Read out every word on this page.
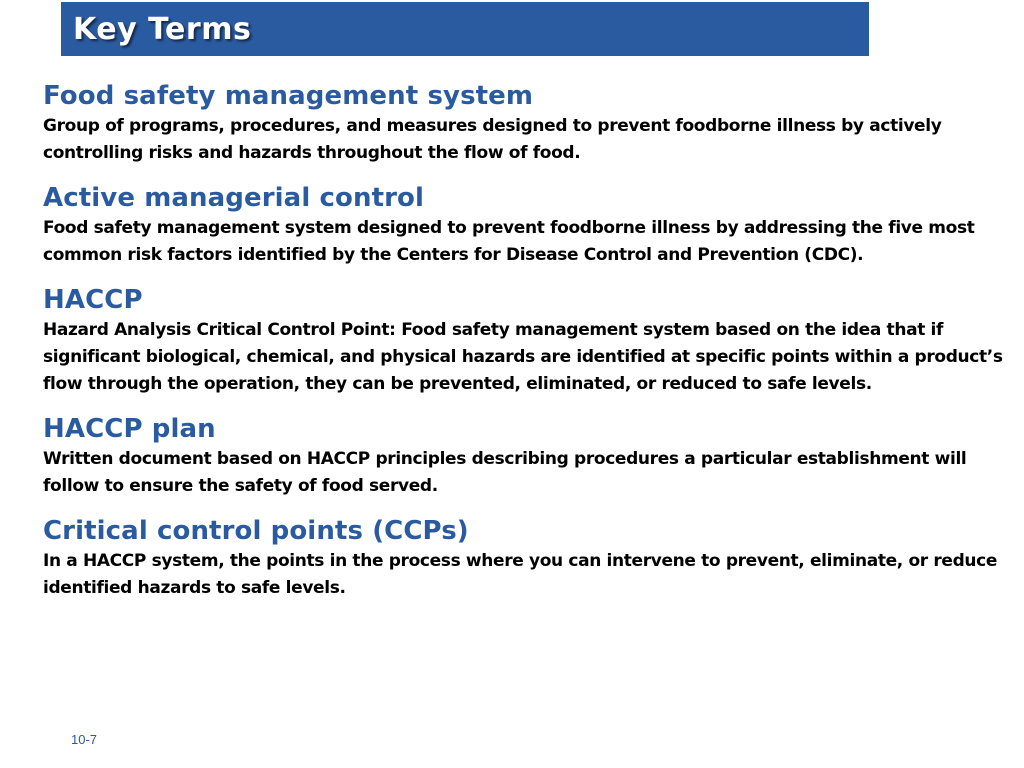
Key Terms
Food safety management system

Group of programs, procedures, and measures designed to prevent foodborne illness by actively controlling risks and hazards throughout the flow of food.

Active managerial control

Food safety management system designed to prevent foodborne illness by addressing the five most common risk factors identified by the Centers for Disease Control and Prevention (CDC).

HACCP

Hazard Analysis Critical Control Point: Food safety management system based on the idea that if significant biological, chemical, and physical hazards are identified at specific points within a product’s flow through the operation, they can be prevented, eliminated, or reduced to safe levels.

HACCP plan

Written document based on HACCP principles describing procedures a particular establishment will follow to ensure the safety of food served.

Critical control points (CCPs)

In a HACCP system, the points in the process where you can intervene to prevent, eliminate, or reduce identified hazards to safe levels.

10-7
